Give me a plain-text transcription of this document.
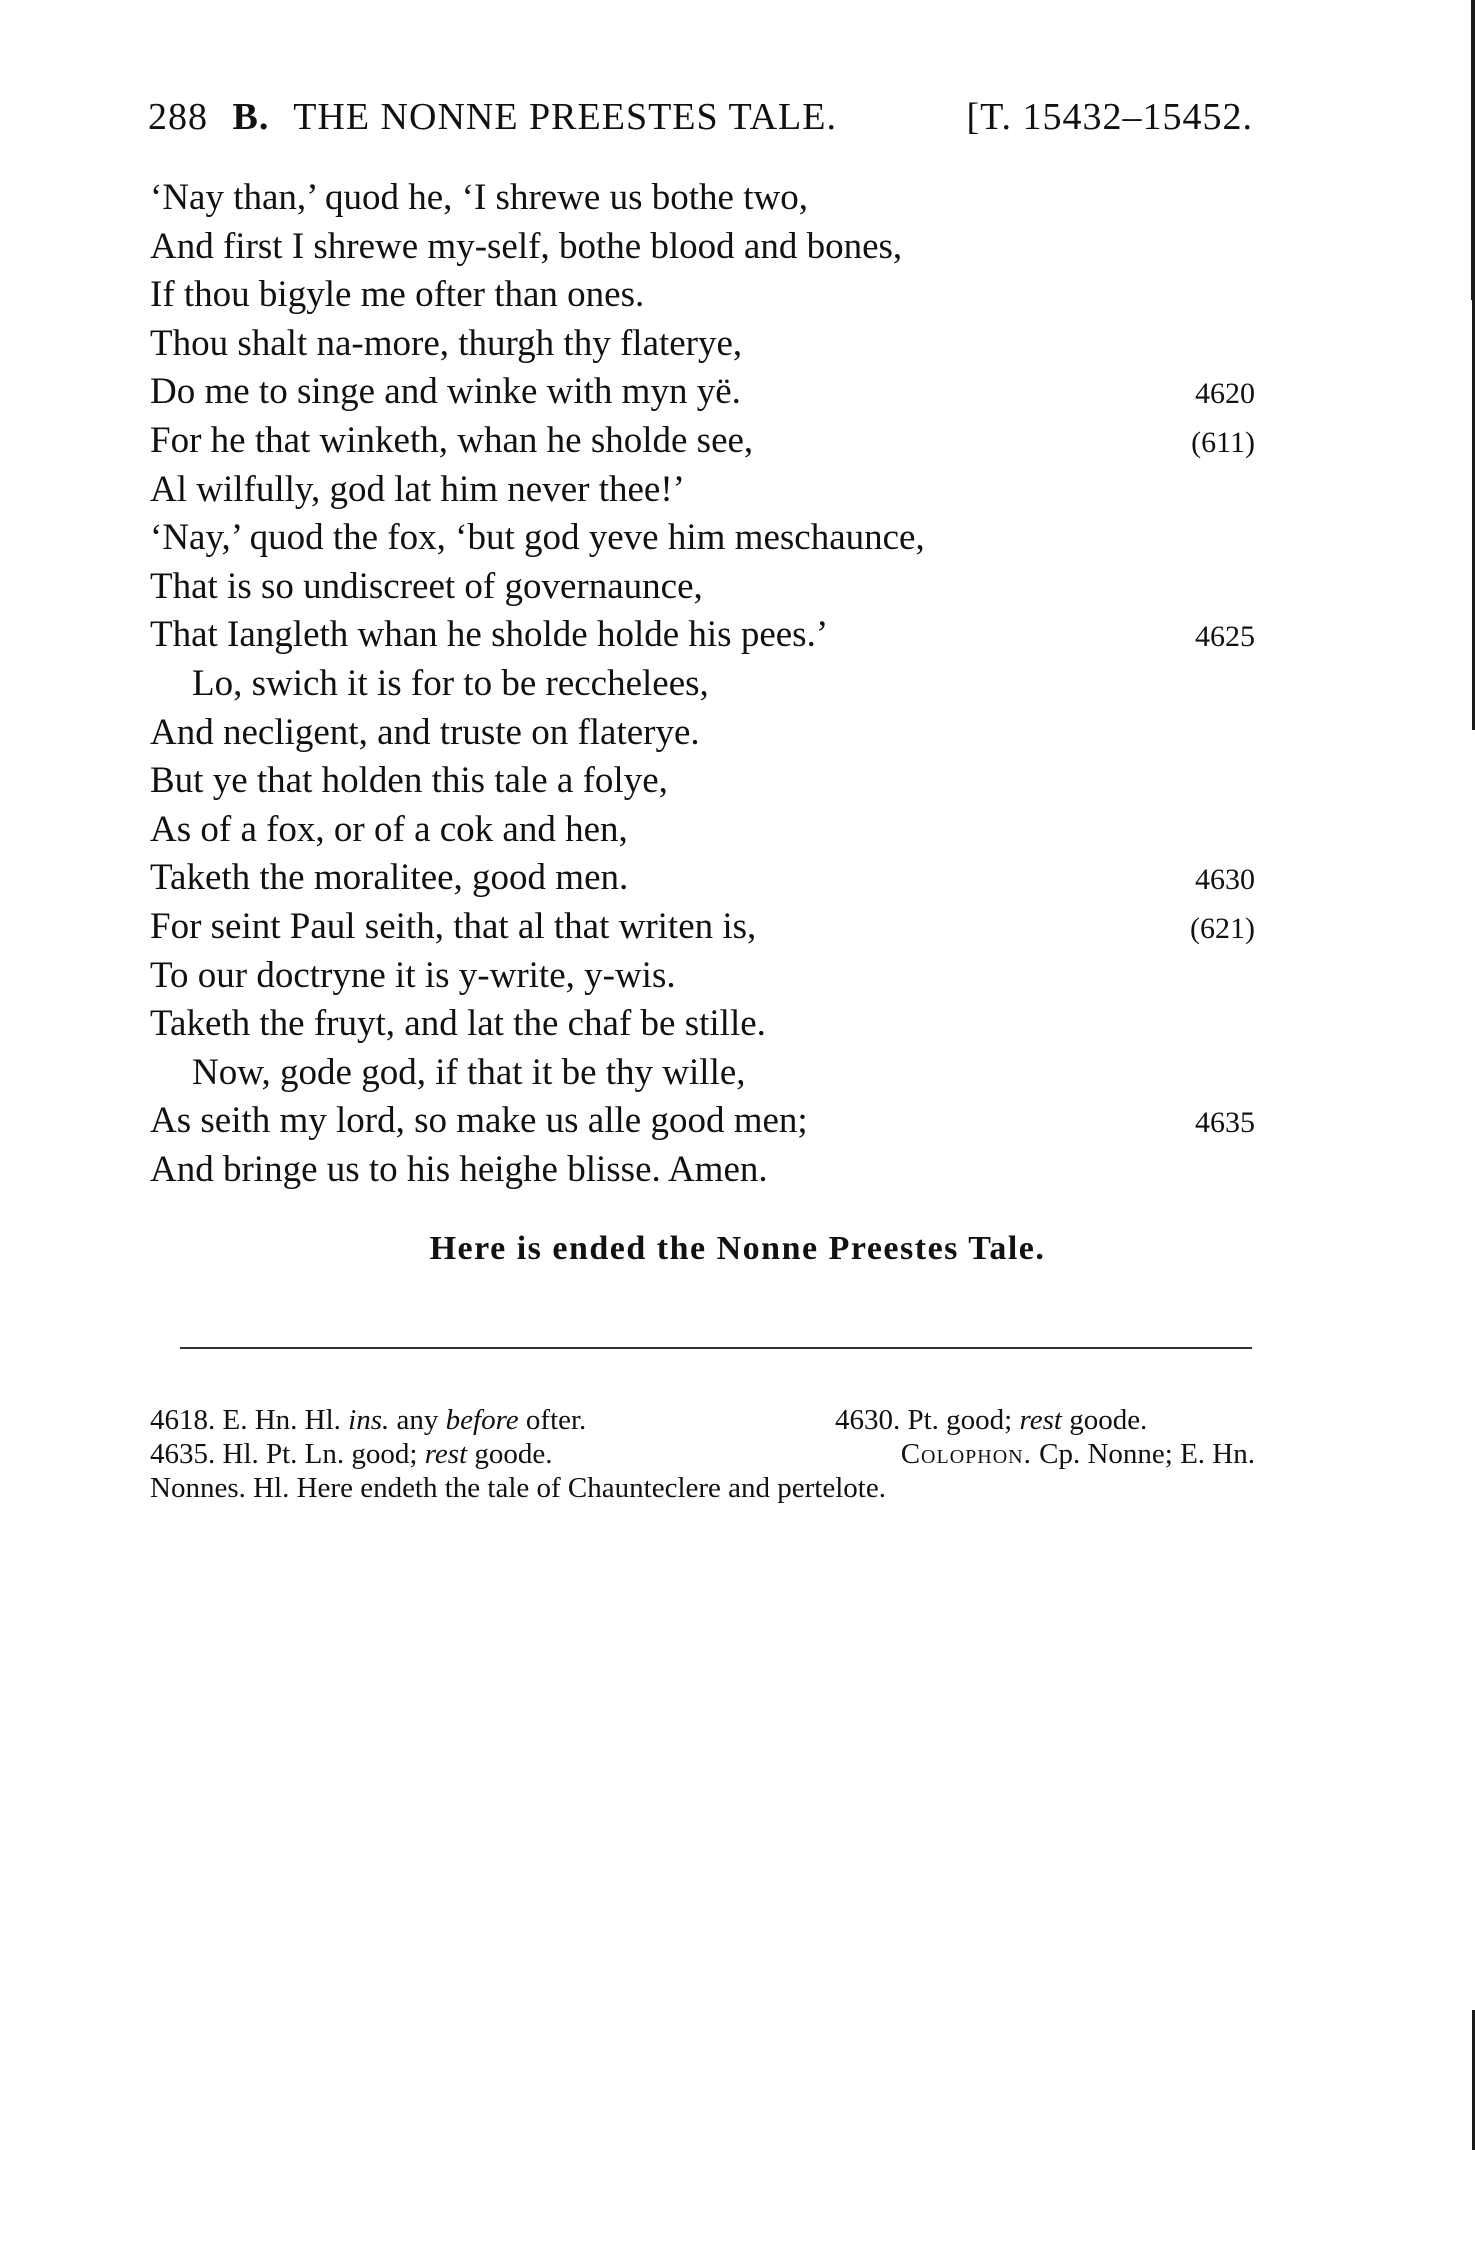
288 B. THE NONNE PREESTES TALE.	[T. 15432–15452.
‘Nay than,’ quod he, ‘I shrewe us bothe two,
And first I shrewe my-self, bothe blood and bones,
If thou bigyle me ofter than ones.
Thou shalt na-more, thurgh thy flaterye,
Do me to singe and winke with myn yë.	4620
For he that winketh, whan he sholde see,	(611)
Al wilfully, god lat him never thee!’
‘Nay,’ quod the fox, ‘but god yeve him meschaunce,
That is so undiscreet of governaunce,
That Iangleth whan he sholde holde his pees.’	4625
Lo, swich it is for to be recchelees,
And necligent, and truste on flaterye.
But ye that holden this tale a folye,
As of a fox, or of a cok and hen,
Taketh the moralitee, good men.	4630
For seint Paul seith, that al that writen is,	(621)
To our doctryne it is y-write, y-wis.
Taketh the fruyt, and lat the chaf be stille.
Now, gode god, if that it be thy wille,
As seith my lord, so make us alle good men;	4635
And bringe us to his heighe blisse. Amen.
Here is ended the Nonne Preestes Tale.
4618. E. Hn. Hl. ins. any before ofter.	4630. Pt. good; rest goode.
4635. Hl. Pt. Ln. good; rest goode.	Colophon. Cp. Nonne; E. Hn.
Nonnes. Hl. Here endeth the tale of Chaunteclere and pertelote.
